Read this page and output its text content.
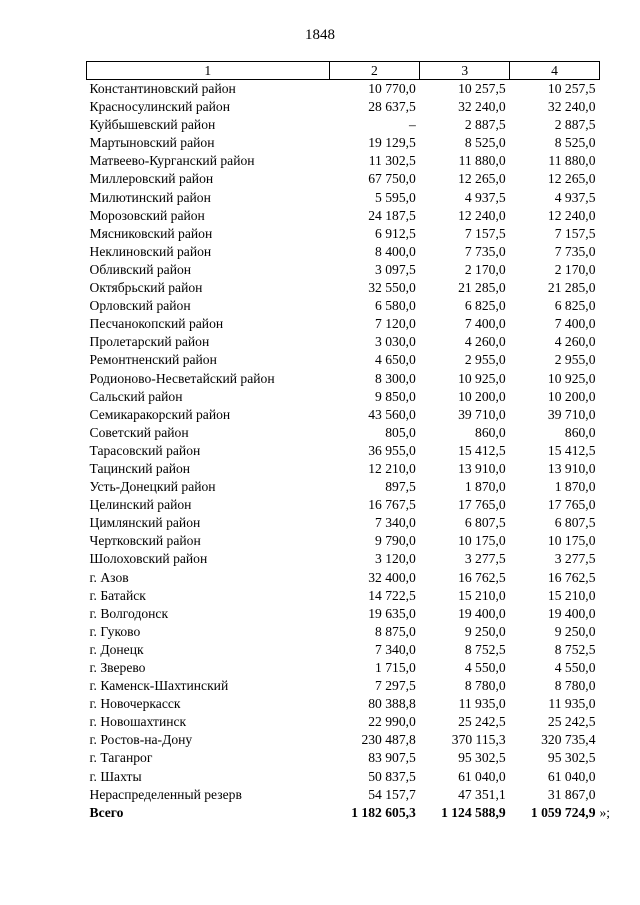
1848
1	2	3	4
Константиновский район	10 770,0	10 257,5	10 257,5
Красносулинский район	28 637,5	32 240,0	32 240,0
Куйбышевский район	–	2 887,5	2 887,5
Мартыновский район	19 129,5	8 525,0	8 525,0
Матвеево-Курганский район	11 302,5	11 880,0	11 880,0
Миллеровский район	67 750,0	12 265,0	12 265,0
Милютинский район	5 595,0	4 937,5	4 937,5
Морозовский район	24 187,5	12 240,0	12 240,0
Мясниковский район	6 912,5	7 157,5	7 157,5
Неклиновский район	8 400,0	7 735,0	7 735,0
Обливский район	3 097,5	2 170,0	2 170,0
Октябрьский район	32 550,0	21 285,0	21 285,0
Орловский район	6 580,0	6 825,0	6 825,0
Песчанокопский район	7 120,0	7 400,0	7 400,0
Пролетарский район	3 030,0	4 260,0	4 260,0
Ремонтненский район	4 650,0	2 955,0	2 955,0
Родионово-Несветайский район	8 300,0	10 925,0	10 925,0
Сальский район	9 850,0	10 200,0	10 200,0
Семикаракорский район	43 560,0	39 710,0	39 710,0
Советский район	805,0	860,0	860,0
Тарасовский район	36 955,0	15 412,5	15 412,5
Тацинский район	12 210,0	13 910,0	13 910,0
Усть-Донецкий район	897,5	1 870,0	1 870,0
Целинский район	16 767,5	17 765,0	17 765,0
Цимлянский район	7 340,0	6 807,5	6 807,5
Чертковский район	9 790,0	10 175,0	10 175,0
Шолоховский район	3 120,0	3 277,5	3 277,5
г. Азов	32 400,0	16 762,5	16 762,5
г. Батайск	14 722,5	15 210,0	15 210,0
г. Волгодонск	19 635,0	19 400,0	19 400,0
г. Гуково	8 875,0	9 250,0	9 250,0
г. Донецк	7 340,0	8 752,5	8 752,5
г. Зверево	1 715,0	4 550,0	4 550,0
г. Каменск-Шахтинский	7 297,5	8 780,0	8 780,0
г. Новочеркасск	80 388,8	11 935,0	11 935,0
г. Новошахтинск	22 990,0	25 242,5	25 242,5
г. Ростов-на-Дону	230 487,8	370 115,3	320 735,4
г. Таганрог	83 907,5	95 302,5	95 302,5
г. Шахты	50 837,5	61 040,0	61 040,0
Нераспределенный резерв	54 157,7	47 351,1	31 867,0
Всего	1 182 605,3	1 124 588,9	1 059 724,9 »;
